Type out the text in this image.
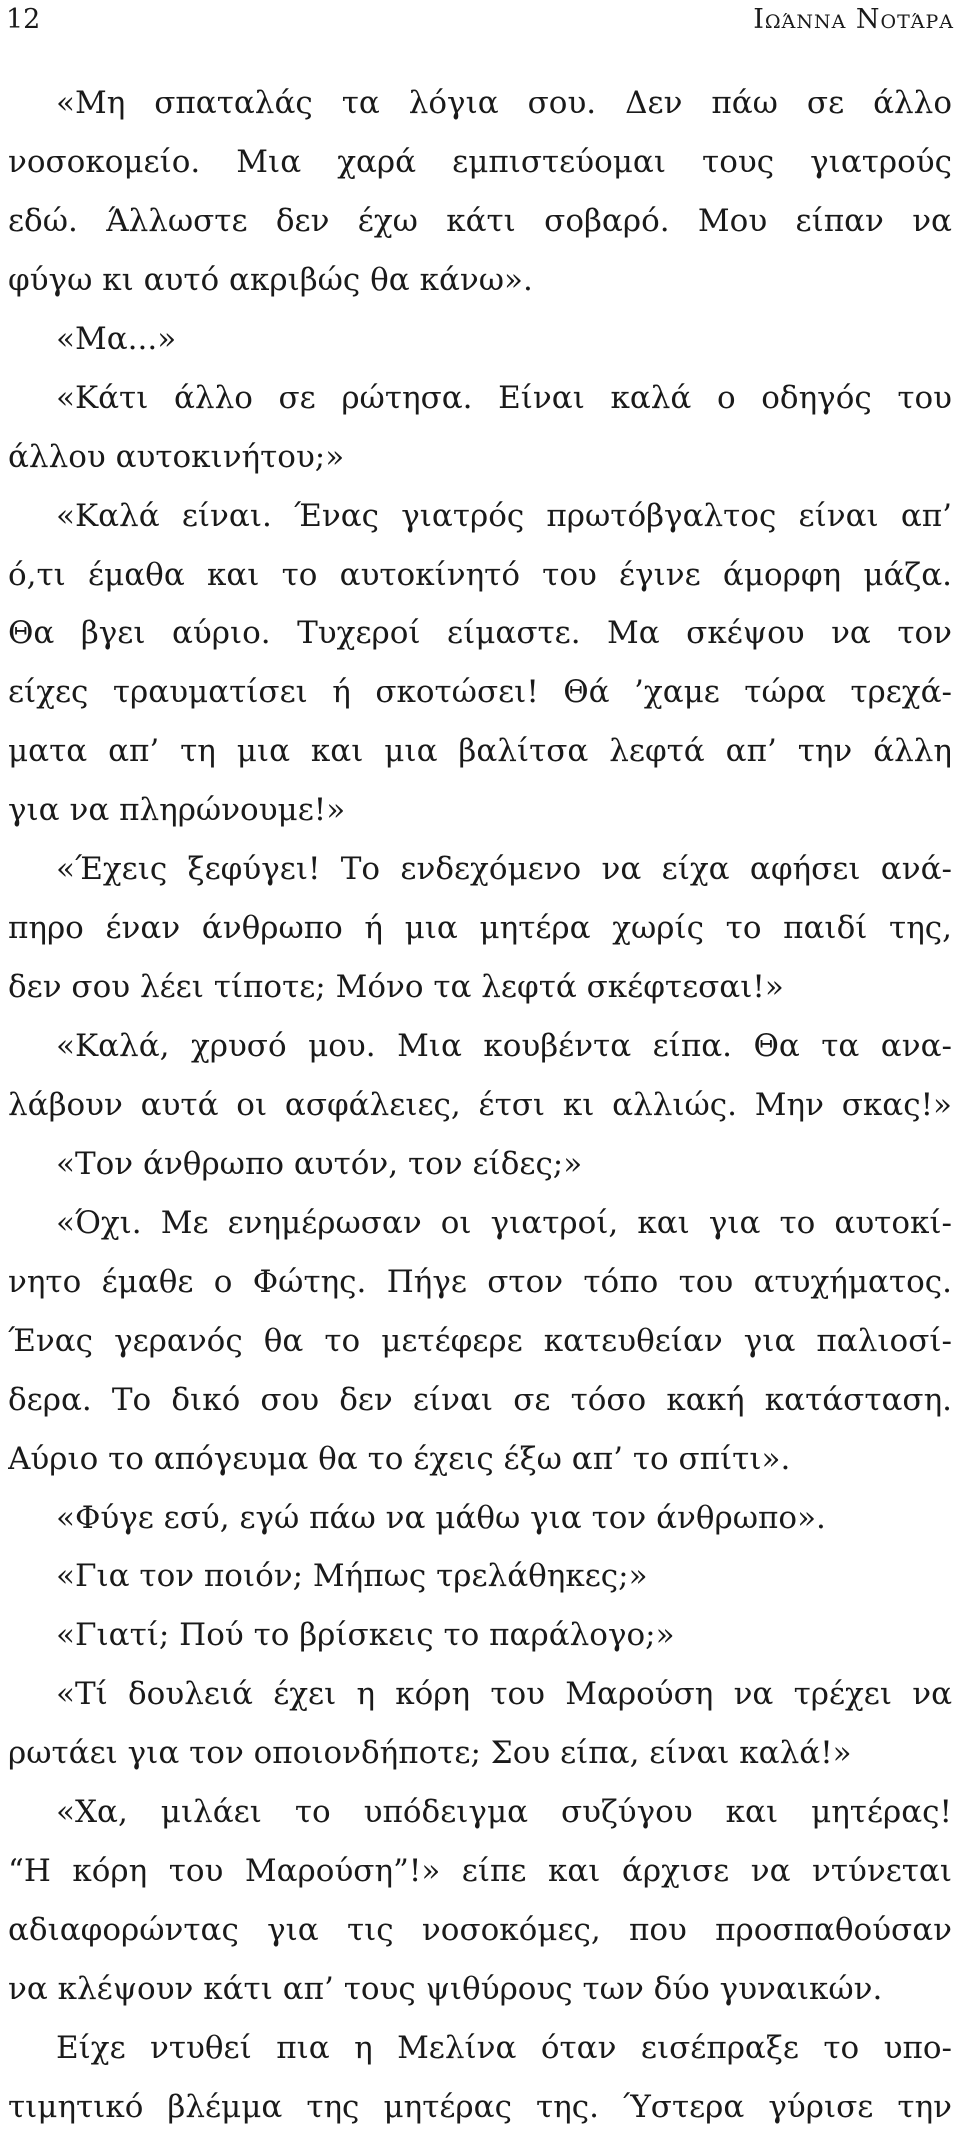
12	Ιωάννα Νοτάρα
«Μη σπαταλάς τα λόγια σου. Δεν πάω σε άλλο
νοσοκομείο. Μια χαρά εμπιστεύομαι τους γιατρούς
εδώ. Άλλωστε δεν έχω κάτι σοβαρό. Μου είπαν να
φύγω κι αυτό ακριβώς θα κάνω».
«Μα...»
«Κάτι άλλο σε ρώτησα. Είναι καλά ο οδηγός του
άλλου αυτοκινήτου;»
«Καλά είναι. Ένας γιατρός πρωτόβγαλτος είναι απ’
ό,τι έμαθα και το αυτοκίνητό του έγινε άμορφη μάζα.
Θα βγει αύριο. Τυχεροί είμαστε. Μα σκέψου να τον
είχες τραυματίσει ή σκοτώσει! Θά ’χαμε τώρα τρεχά-
ματα απ’ τη μια και μια βαλίτσα λεφτά απ’ την άλλη
για να πληρώνουμε!»
«Έχεις ξεφύγει! Το ενδεχόμενο να είχα αφήσει ανά-
πηρο έναν άνθρωπο ή μια μητέρα χωρίς το παιδί της,
δεν σου λέει τίποτε; Μόνο τα λεφτά σκέφτεσαι!»
«Καλά, χρυσό μου. Μια κουβέντα είπα. Θα τα ανα-
λάβουν αυτά οι ασφάλειες, έτσι κι αλλιώς. Μην σκας!»
«Τον άνθρωπο αυτόν, τον είδες;»
«Όχι. Με ενημέρωσαν οι γιατροί, και για το αυτοκί-
νητο έμαθε ο Φώτης. Πήγε στον τόπο του ατυχήματος.
Ένας γερανός θα το μετέφερε κατευθείαν για παλιοσί-
δερα. Το δικό σου δεν είναι σε τόσο κακή κατάσταση.
Αύριο το απόγευμα θα το έχεις έξω απ’ το σπίτι».
«Φύγε εσύ, εγώ πάω να μάθω για τον άνθρωπο».
«Για τον ποιόν; Μήπως τρελάθηκες;»
«Γιατί; Πού το βρίσκεις το παράλογο;»
«Τί δουλειά έχει η κόρη του Μαρούση να τρέχει να
ρωτάει για τον οποιονδήποτε; Σου είπα, είναι καλά!»
«Χα, μιλάει το υπόδειγμα συζύγου και μητέρας!
“Η κόρη του Μαρούση”!» είπε και άρχισε να ντύνεται
αδιαφορώντας για τις νοσοκόμες, που προσπαθούσαν
να κλέψουν κάτι απ’ τους ψιθύρους των δύο γυναικών.
Είχε ντυθεί πια η Μελίνα όταν εισέπραξε το υπο-
τιμητικό βλέμμα της μητέρας της. Ύστερα γύρισε την
